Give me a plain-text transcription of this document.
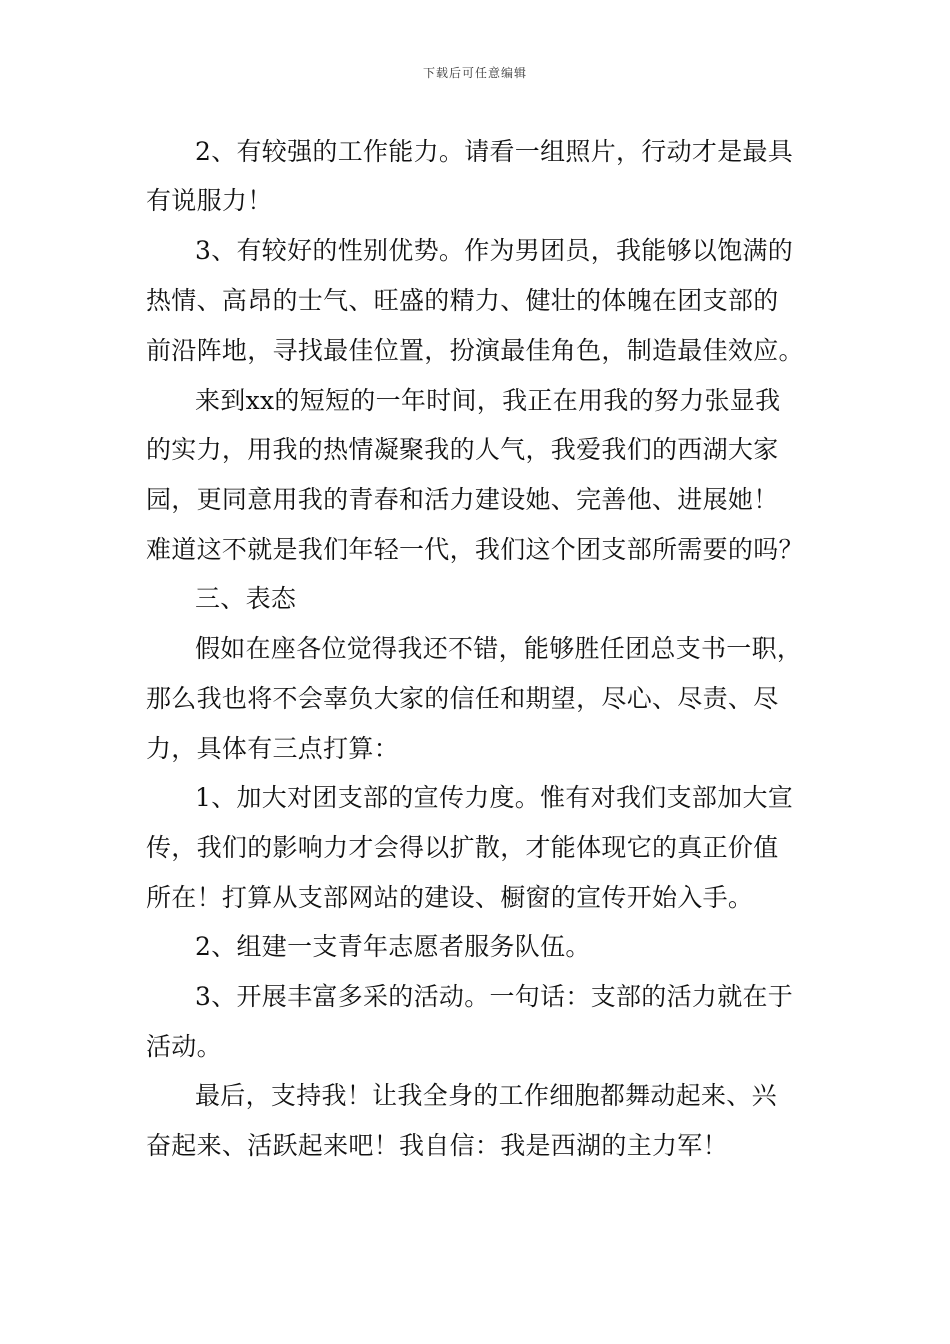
下载后可任意编辑
2、有较强的工作能力。请看一组照片，行动才是最具
有说服力！
3、有较好的性别优势。作为男团员，我能够以饱满的
热情、高昂的士气、旺盛的精力、健壮的体魄在团支部的
前沿阵地，寻找最佳位置，扮演最佳角色，制造最佳效应。
来到xx的短短的一年时间，我正在用我的努力张显我
的实力，用我的热情凝聚我的人气，我爱我们的西湖大家
园，更同意用我的青春和活力建设她、完善他、进展她！
难道这不就是我们年轻一代，我们这个团支部所需要的吗？
三、表态
假如在座各位觉得我还不错，能够胜任团总支书一职，
那么我也将不会辜负大家的信任和期望，尽心、尽责、尽
力，具体有三点打算：
1、加大对团支部的宣传力度。惟有对我们支部加大宣
传，我们的影响力才会得以扩散，才能体现它的真正价值
所在！打算从支部网站的建设、橱窗的宣传开始入手。
2、组建一支青年志愿者服务队伍。
3、开展丰富多采的活动。一句话：支部的活力就在于
活动。
最后，支持我！让我全身的工作细胞都舞动起来、兴
奋起来、活跃起来吧！我自信：我是西湖的主力军！
